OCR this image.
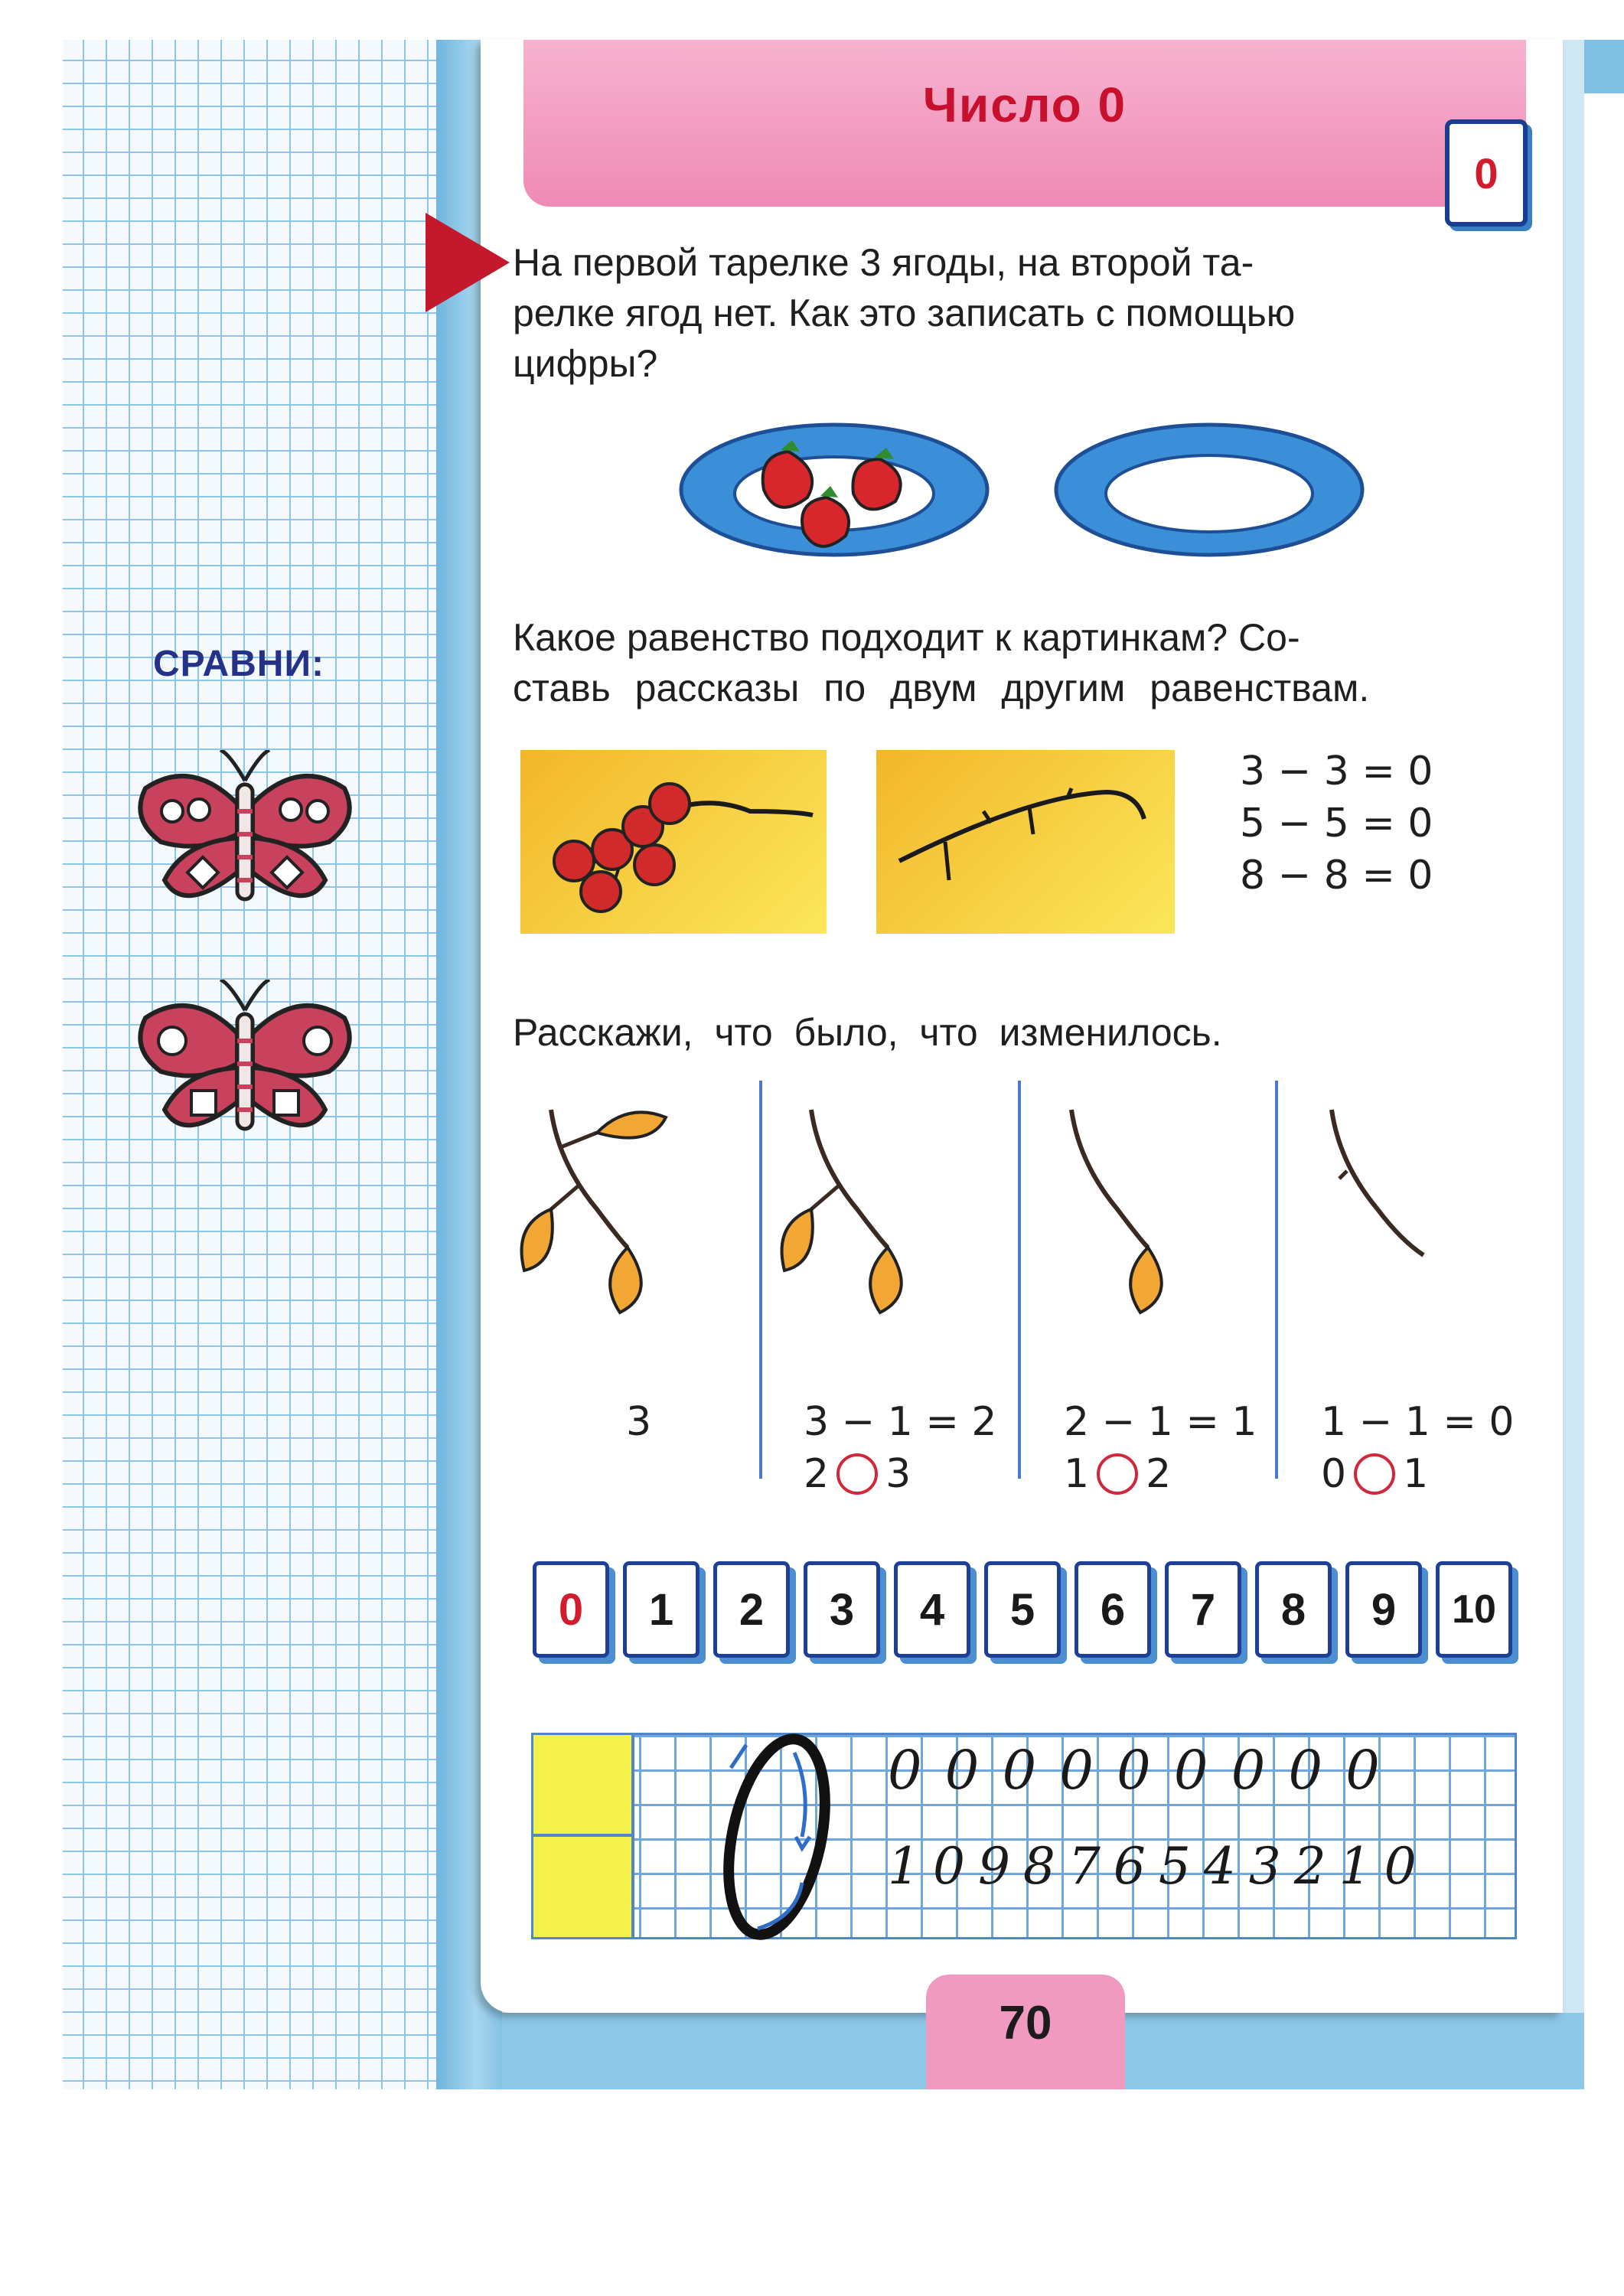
Число 0
0
СРАВНИ:
На первой тарелке 3 ягоды, на второй та-
релке ягод нет. Как это записать с помощью
цифры?
Какое равенство подходит к картинкам? Со-
ставь рассказы по двум другим равенствам.
3 − 3 = 0
5 − 5 = 0
8 − 8 = 0
Расскажи, что было, что изменилось.
3	3 − 1 = 2
2 3
2 − 1 = 1
1 2
1 − 1 = 0
0 1
0	1	2	3	4	5	6	7	8	9	10
0 0 0 0 0 0 0 0 0
1 0 9 8 7 6 5 4 3 2 1 0
70
